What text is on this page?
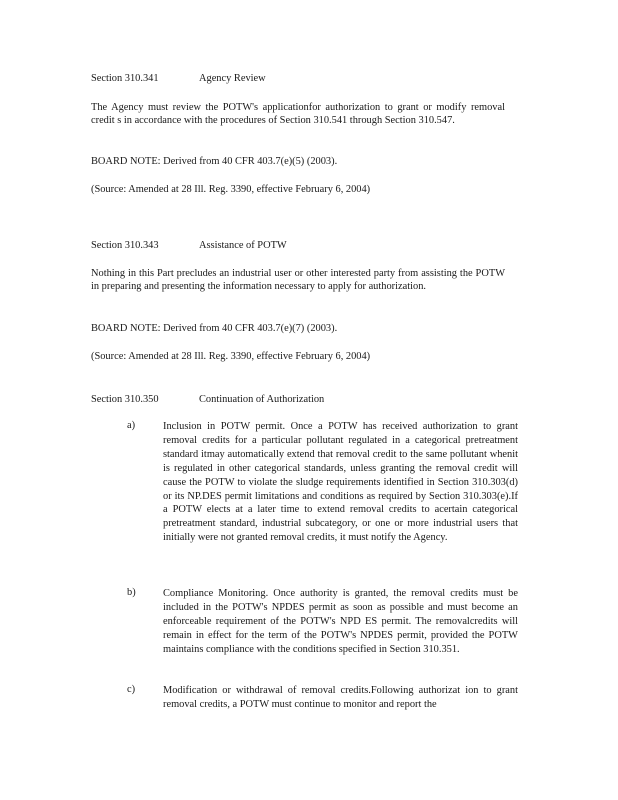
Section 310.341	Agency Review

The Agency must review the POTW's applicationfor authorization to grant or modify removal credit s in accordance with the procedures of Section 310.541 through Section 310.547.

BOARD NOTE: Derived from 40 CFR 403.7(e)(5) (2003).
(Source: Amended at 28 Ill. Reg. 3390, effective February 6, 2004)
Section 310.343	Assistance of POTW

Nothing in this Part precludes an industrial user or other interested party from assisting the POTW in preparing and presenting the information necessary to apply for authorization.

BOARD NOTE: Derived from 40 CFR 403.7(e)(7) (2003).
(Source: Amended at 28 Ill. Reg. 3390, effective February 6, 2004)
Section 310.350	Continuation of Authorization
a)	Inclusion in POTW permit. Once a POTW has received authorization to grant removal credits for a particular pollutant regulated in a categorical pretreatment standard itmay automatically extend that removal credit to the same pollutant whenit is regulated in other categorical standards, unless granting the removal credit will cause the POTW to violate the sludge requirements identified in Section 310.303(d) or its NP.DES permit limitations and conditions as required by Section 310.303(e).If a POTW elects at a later time to extend removal credits to acertain categorical pretreatment standard, industrial subcategory, or one or more industrial users that initially were not granted removal credits, it must notify the Agency.
b)	Compliance Monitoring. Once authority is granted, the removal credits must be included in the POTW's NPDES permit as soon as possible and must become an enforceable requirement of the POTW's NPD ES permit. The removalcredits will remain in effect for the term of the POTW's NPDES permit, provided the POTW maintains compliance with the conditions specified in Section 310.351.
c)	Modification or withdrawal of removal credits.Following authorizat ion to grant removal credits, a POTW must continue to monitor and report the
